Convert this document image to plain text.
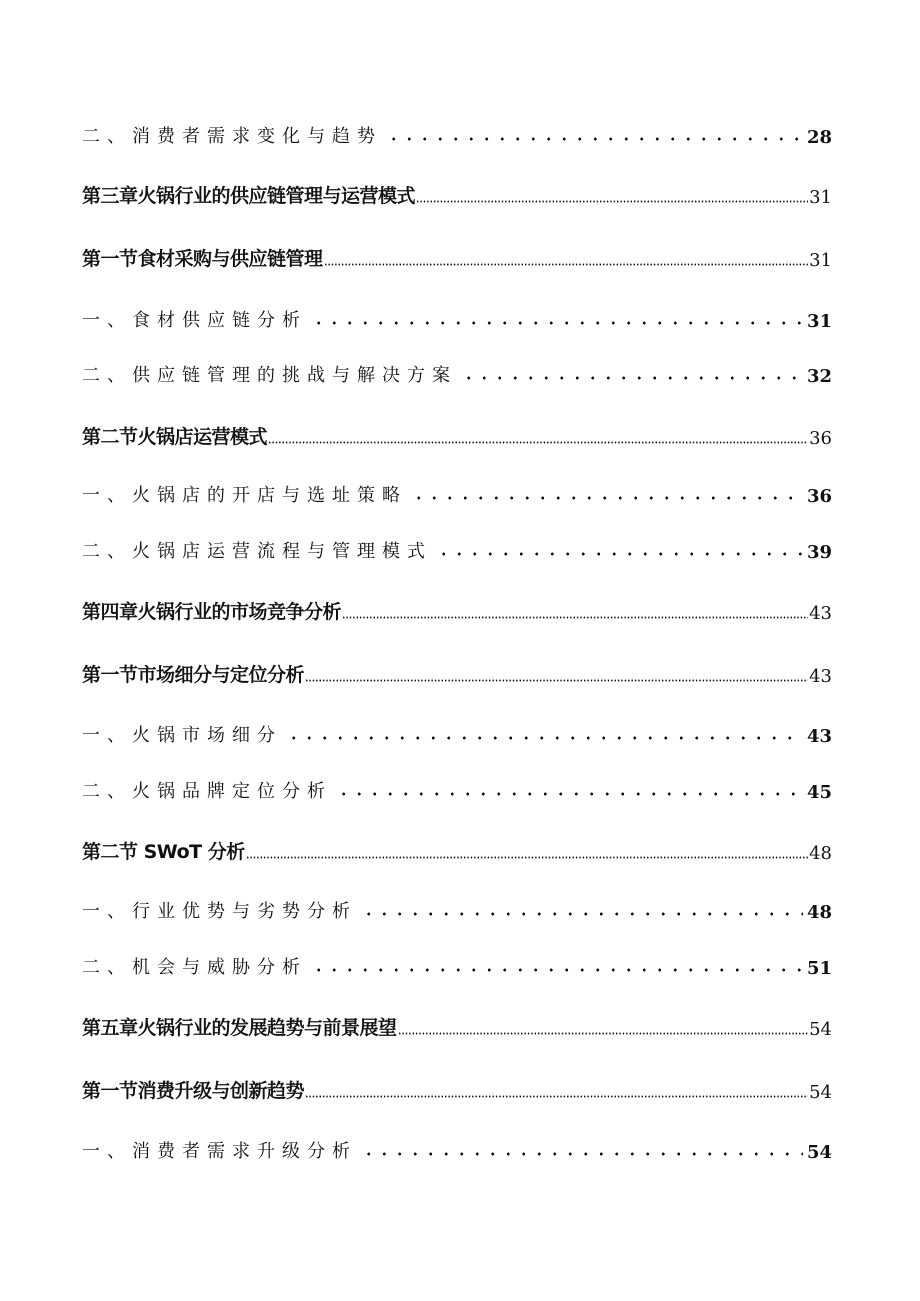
二、消费者需求变化与趋势	28
第三章火锅行业的供应链管理与运营模式	31
第一节食材采购与供应链管理	31
一、食材供应链分析	31
二、供应链管理的挑战与解决方案	32
第二节火锅店运营模式	36
一、火锅店的开店与选址策略	36
二、火锅店运营流程与管理模式	39
第四章火锅行业的市场竞争分析	43
第一节市场细分与定位分析	43
一、火锅市场细分	43
二、火锅品牌定位分析	45
第二节 SWoT 分析	48
一、行业优势与劣势分析	48
二、机会与威胁分析	51
第五章火锅行业的发展趋势与前景展望	54
第一节消费升级与创新趋势	54
一、消费者需求升级分析	54
